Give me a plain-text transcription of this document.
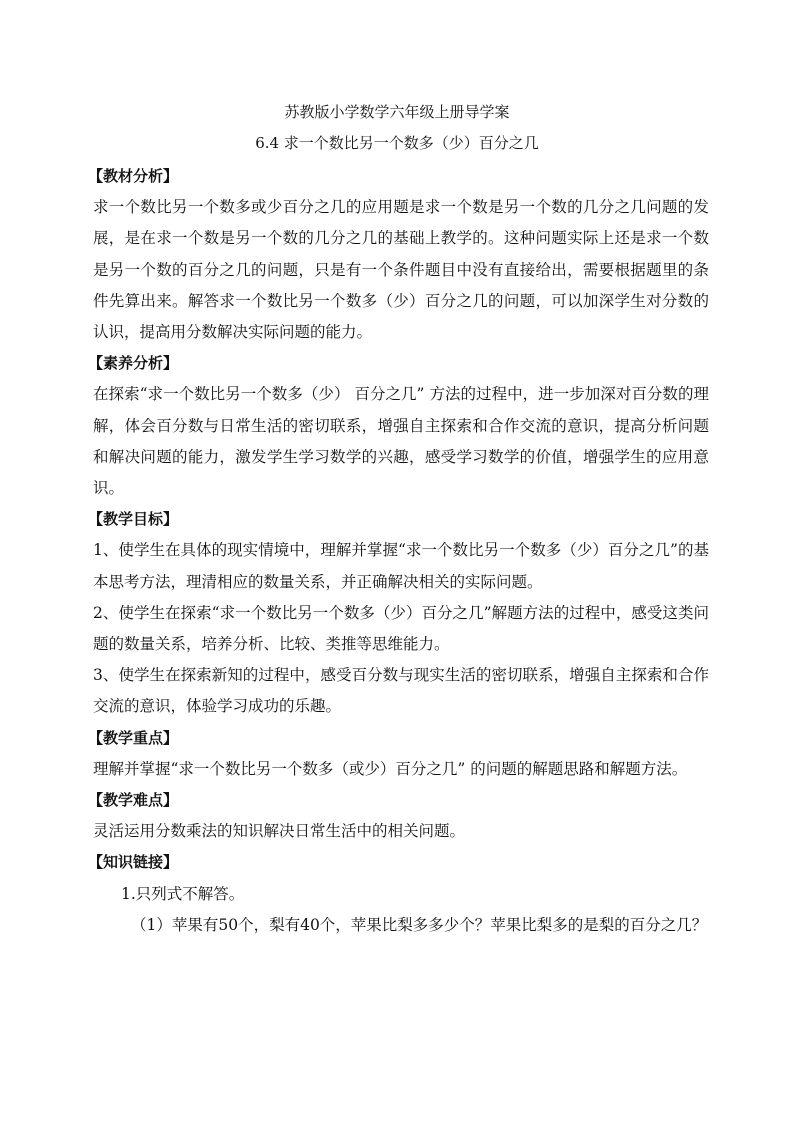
苏教版小学数学六年级上册导学案
6.4 求一个数比另一个数多（少）百分之几
【教材分析】

求一个数比另一个数多或少百分之几的应用题是求一个数是另一个数的几分之几问题的发展，是在求一个数是另一个数的几分之几的基础上教学的。这种问题实际上还是求一个数是另一个数的百分之几的问题，只是有一个条件题目中没有直接给出，需要根据题里的条件先算出来。解答求一个数比另一个数多（少）百分之几的问题，可以加深学生对分数的认识，提高用分数解决实际问题的能力。

【素养分析】

在探索“求一个数比另一个数多（少） 百分之几” 方法的过程中，进一步加深对百分数的理解，体会百分数与日常生活的密切联系，增强自主探索和合作交流的意识，提高分析问题和解决问题的能力，激发学生学习数学的兴趣，感受学习数学的价值，增强学生的应用意识。

【教学目标】

1、使学生在具体的现实情境中，理解并掌握“求一个数比另一个数多（少）百分之几”的基本思考方法，理清相应的数量关系，并正确解决相关的实际问题。

2、使学生在探索“求一个数比另一个数多（少）百分之几”解题方法的过程中，感受这类问题的数量关系，培养分析、比较、类推等思维能力。

3、使学生在探索新知的过程中，感受百分数与现实生活的密切联系，增强自主探索和合作交流的意识，体验学习成功的乐趣。

【教学重点】

理解并掌握“求一个数比另一个数多（或少）百分之几” 的问题的解题思路和解题方法。

【教学难点】

灵活运用分数乘法的知识解决日常生活中的相关问题。

【知识链接】

1.只列式不解答。

（1）苹果有50个，梨有40个，苹果比梨多多少个？苹果比梨多的是梨的百分之几？
